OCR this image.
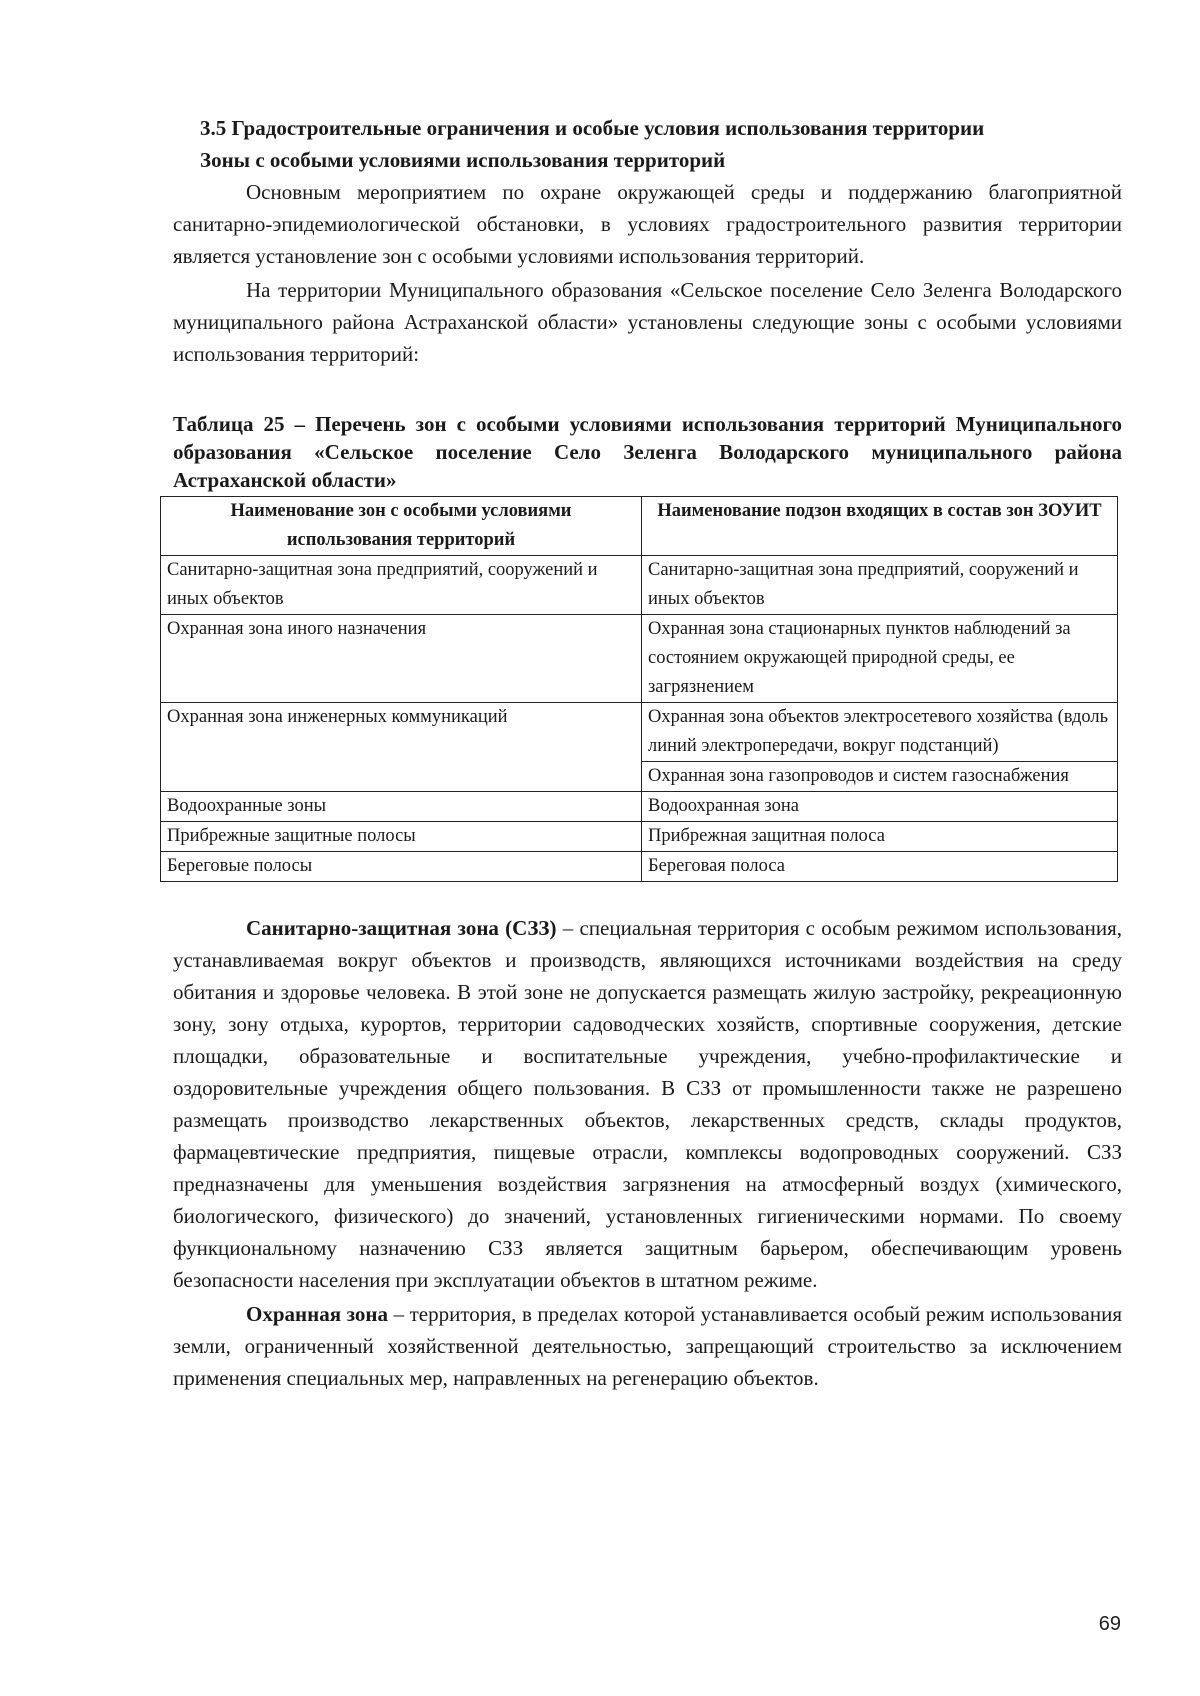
3.5 Градостроительные ограничения и особые условия использования территории
Зоны с особыми условиями использования территорий

Основным мероприятием по охране окружающей среды и поддержанию благоприятной санитарно-эпидемиологической обстановки, в условиях градостроительного развития территории является установление зон с особыми условиями использования территорий.

На территории Муниципального образования «Сельское поселение Село Зеленга Володарского муниципального района Астраханской области» установлены следующие зоны с особыми условиями использования территорий:

Таблица 25 – Перечень зон с особыми условиями использования территорий Муниципального образования «Сельское поселение Село Зеленга Володарского муниципального района Астраханской области»
Наименование зон с особыми условиями использования территорий	Наименование подзон входящих в состав зон ЗОУИТ
Санитарно-защитная зона предприятий, сооружений и иных объектов	Санитарно-защитная зона предприятий, сооружений и иных объектов
Охранная зона иного назначения	Охранная зона стационарных пунктов наблюдений за состоянием окружающей природной среды, ее загрязнением
Охранная зона инженерных коммуникаций	Охранная зона объектов электросетевого хозяйства (вдоль линий электропередачи, вокруг подстанций)
	Охранная зона газопроводов и систем газоснабжения
Водоохранные зоны	Водоохранная зона
Прибрежные защитные полосы	Прибрежная защитная полоса
Береговые полосы	Береговая полоса

Санитарно-защитная зона (СЗЗ) – специальная территория с особым режимом использования, устанавливаемая вокруг объектов и производств, являющихся источниками воздействия на среду обитания и здоровье человека. В этой зоне не допускается размещать жилую застройку, рекреационную зону, зону отдыха, курортов, территории садоводческих хозяйств, спортивные сооружения, детские площадки, образовательные и воспитательные учреждения, учебно-профилактические и оздоровительные учреждения общего пользования. В СЗЗ от промышленности также не разрешено размещать производство лекарственных объектов, лекарственных средств, склады продуктов, фармацевтические предприятия, пищевые отрасли, комплексы водопроводных сооружений. СЗЗ предназначены для уменьшения воздействия загрязнения на атмосферный воздух (химического, биологического, физического) до значений, установленных гигиеническими нормами. По своему функциональному назначению СЗЗ является защитным барьером, обеспечивающим уровень безопасности населения при эксплуатации объектов в штатном режиме.

Охранная зона – территория, в пределах которой устанавливается особый режим использования земли, ограниченный хозяйственной деятельностью, запрещающий строительство за исключением применения специальных мер, направленных на регенерацию объектов.

69
